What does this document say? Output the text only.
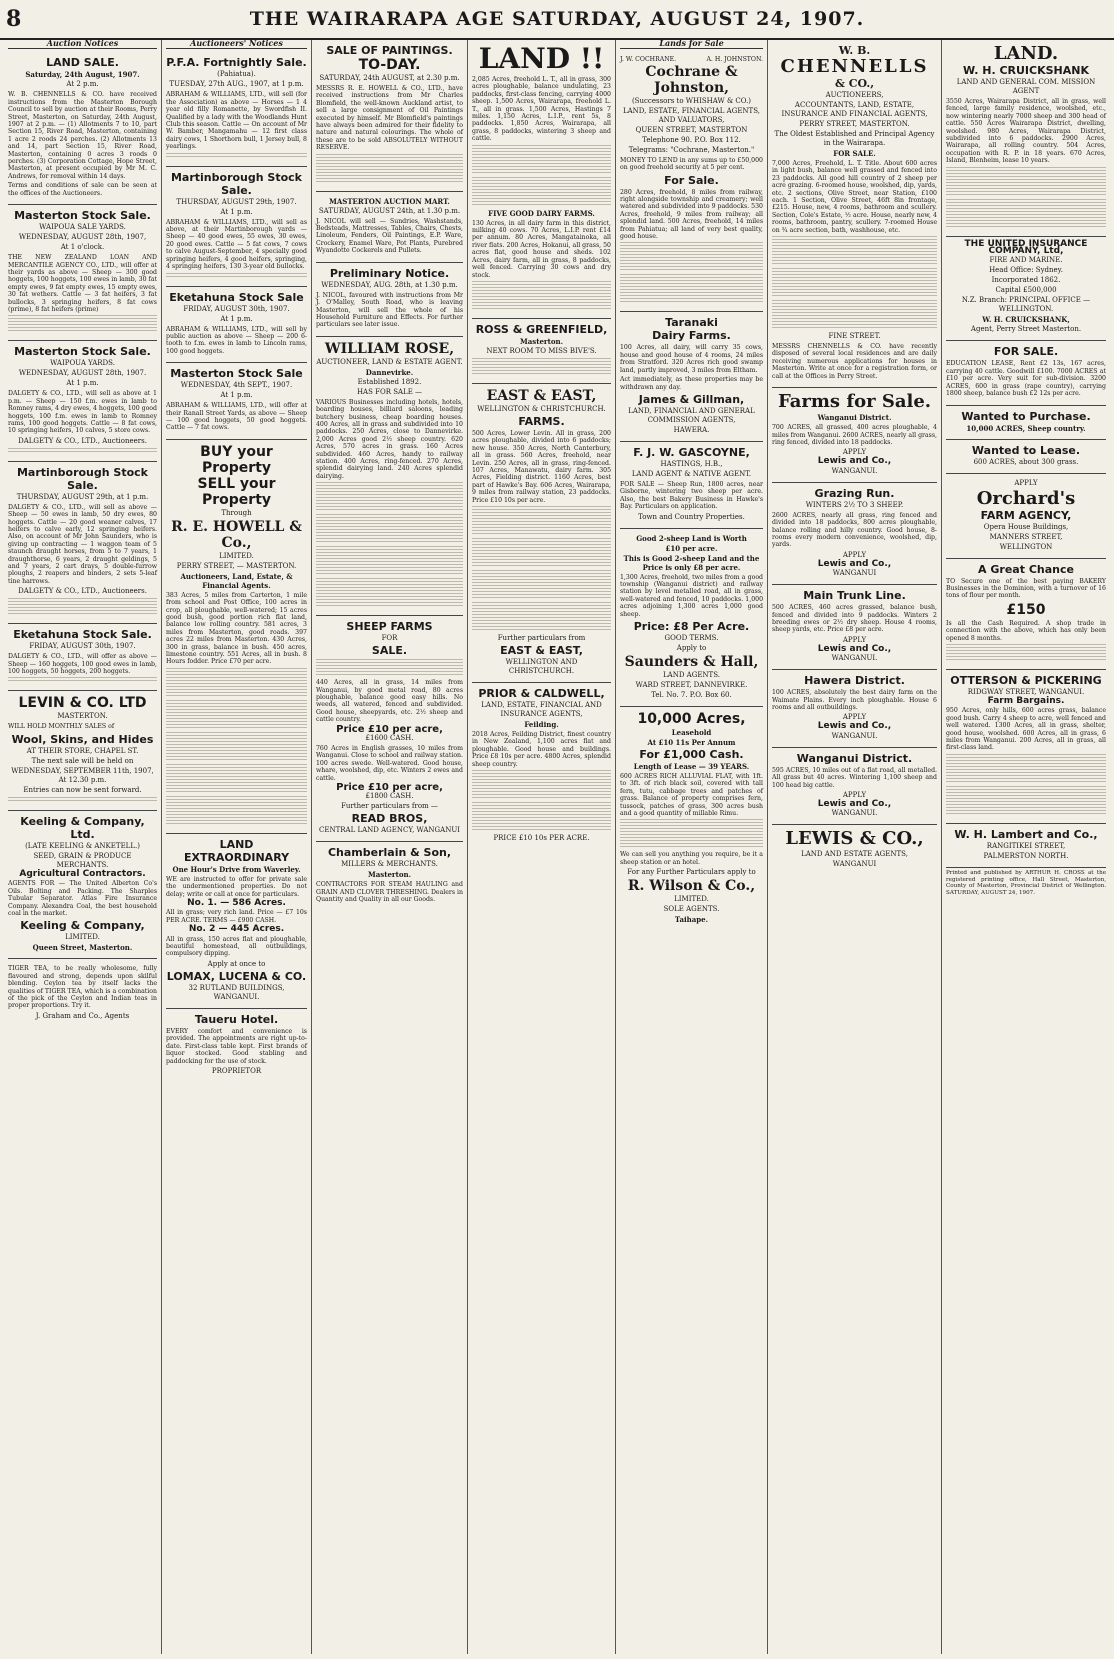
8	THE WAIRARAPA AGE SATURDAY, AUGUST 24, 1907.
Auction Notices
LAND SALE.
Saturday, 24th August, 1907.
At 2 p.m.
W. B. CHENNELLS & CO. have received instructions from the Masterton Borough Council to sell by auction at their Rooms, Perry Street, Masterton, on Saturday, 24th August, 1907 at 2 p.m. — (1) Allotments 7 to 10, part Section 15, River Road, Masterton, containing 1 acre 2 roods 24 perches. (2) Allotments 13 and 14, part Section 15, River Road, Masterton, containing 0 acres 3 roods 0 perches. (3) Corporation Cottage, Hope Street, Masterton, at present occupied by Mr M. C. Andrews, for removal within 14 days.
Terms and conditions of sale can be seen at the offices of the Auctioneers.
Masterton Stock Sale.
WAIPOUA SALE YARDS.
WEDNESDAY, AUGUST 28th, 1907,
At 1 o'clock.
THE NEW ZEALAND LOAN AND MERCANTILE AGENCY CO., LTD., will offer at their yards as above — Sheep — 300 good hoggets, 100 hoggets, 100 ewes in lamb, 30 fat empty ewes, 9 fat empty ewes, 15 empty ewes, 30 fat wethers. Cattle — 3 fat heifers, 3 fat bullocks, 3 springing heifers, 8 fat cows (prime), 8 fat heifers (prime)
Masterton Stock Sale.
WAIPOUA YARDS.
WEDNESDAY, AUGUST 28th, 1907.
At 1 p.m.
DALGETY & CO., LTD., will sell as above at 1 p.m. — Sheep — 150 f.m. ewes in lamb to Romney rams, 4 dry ewes, 4 hoggets, 100 good hoggets, 100 f.m. ewes in lamb to Romney rams, 100 good hoggets. Cattle — 8 fat cows, 10 springing heifers, 10 calves, 5 store cows.
DALGETY & CO., LTD., Auctioneers.
Martinborough Stock Sale.
THURSDAY, AUGUST 29th, at 1 p.m.
DALGETY & CO., LTD., will sell as above — Sheep — 50 ewes in lamb, 50 dry ewes, 80 hoggets. Cattle — 20 good weaner calves, 17 heifers to calve early, 12 springing heifers. Also, on account of Mr John Saunders, who is giving up contracting — 1 waggon team of 5 staunch draught horses, from 5 to 7 years, 1 draughthorse, 6 years, 2 draught geldings, 5 and 7 years, 2 cart drays, 5 double-furrow ploughs, 2 reapers and binders, 2 sets 5-leaf tine harrows.
DALGETY & CO., LTD., Auctioneers.
Eketahuna Stock Sale.
FRIDAY, AUGUST 30th, 1907.
DALGETY & CO., LTD., will offer as above — Sheep — 160 hoggets, 100 good ewes in lamb, 100 hoggets, 50 hoggets, 200 hoggets.
LEVIN & CO. LTD
MASTERTON.
WILL HOLD MONTHLY SALES of
Wool, Skins, and Hides
AT THEIR STORE, CHAPEL ST.
The next sale will be held on
WEDNESDAY, SEPTEMBER 11th, 1907, At 12.30 p.m.
Entries can now be sent forward.
Keeling & Company, Ltd.
(LATE KEELING & ANKETELL.)
SEED, GRAIN & PRODUCE MERCHANTS.
Agricultural Contractors.
AGENTS FOR — The United Alberton Co's Oils. Bolting and Packing. The Sharples Tubular Separator. Atlas Fire Insurance Company. Alexandra Coal, the best household coal in the market.
Keeling & Company,
LIMITED.
Queen Street, Masterton.
TIGER TEA, to be really wholesome, fully flavoured and strong, depends upon skilful blending. Ceylon tea by itself lacks the qualities of TIGER TEA, which is a combination of the pick of the Ceylon and Indian teas in proper proportions. Try it.
J. Graham and Co., Agents
Auctioneers' Notices
P.F.A. Fortnightly Sale.
(Pahiatua).
TUESDAY, 27th AUG., 1907, at 1 p.m.
ABRAHAM & WILLIAMS, LTD., will sell (for the Association) as above — Horses — 1 4 year old filly Romanette, by Swordfish II. Qualified by a lady with the Woodlands Hunt Club this season. Cattle — On account of Mr W. Bamber, Mangamahu — 12 first class dairy cows, 1 Shorthorn bull, 1 Jersey bull, 8 yearlings.
Martinborough Stock Sale.
THURSDAY, AUGUST 29th, 1907.
At 1 p.m.
ABRAHAM & WILLIAMS, LTD., will sell as above, at their Martinborough yards — Sheep — 40 good ewes, 55 ewes, 30 ewes, 20 good ewes. Cattle — 5 fat cows, 7 cows to calve August-September, 4 specially good springing heifers, 4 good heifers, springing, 4 springing heifers, 130 3-year old bullocks.
Eketahuna Stock Sale
FRIDAY, AUGUST 30th, 1907.
At 1 p.m.
ABRAHAM & WILLIAMS, LTD., will sell by public auction as above — Sheep — 200 6-tooth to f.m. ewes in lamb to Lincoln rams, 100 good hoggets.
Masterton Stock Sale
WEDNESDAY, 4th SEPT., 1907.
At 1 p.m.
ABRAHAM & WILLIAMS, LTD., will offer at their Ranall Street Yards, as above — Sheep — 100 good hoggets, 50 good hoggets. Cattle — 7 fat cows.
BUY your Property
SELL your Property
Through
R. E. HOWELL & Co.,
LIMITED.
PERRY STREET, — MASTERTON.
Auctioneers, Land, Estate, & Financial Agents.
383 Acres, 5 miles from Carterton, 1 mile from school and Post Office, 100 acres in crop, all ploughable, well-watered; 15 acres good bush, good portion rich flat land, balance low rolling country. 581 acres, 3 miles from Masterton, good roads. 397 acres 22 miles from Masterton. 430 Acres, 300 in grass, balance in bush. 450 acres, limestone country. 551 Acres, all in bush. 8 Hours fodder. Price £70 per acre.
LAND EXTRAORDINARY
One Hour's Drive from Waverley.
WE are instructed to offer for private sale the undermentioned properties. Do not delay; write or call at once for particulars.
No. 1. — 586 Acres.
All in grass; very rich land. Price — £7 10s PER ACRE. TERMS — £900 CASH.
No. 2 — 445 Acres.
All in grass, 150 acres flat and ploughable, beautiful homestead, all outbuildings, compulsory dipping.
Apply at once to
LOMAX, LUCENA & CO.
32 RUTLAND BUILDINGS, WANGANUI.
Taueru Hotel.
EVERY comfort and convenience is provided. The appointments are right up-to-date. First-class table kept. First brands of liquor stocked. Good stabling and paddocking for the use of stock.
PROPRIETOR
SALE OF PAINTINGS.
TO-DAY.
SATURDAY, 24th AUGUST, at 2.30 p.m.
MESSRS R. E. HOWELL & CO., LTD., have received instructions from Mr Charles Blomfield, the well-known Auckland artist, to sell a large consignment of Oil Paintings executed by himself. Mr Blomfield's paintings have always been admired for their fidelity to nature and natural colourings. The whole of these are to be sold ABSOLUTELY WITHOUT RESERVE.
MASTERTON AUCTION MART.
SATURDAY, AUGUST 24th, at 1.30 p.m.
J. NICOL will sell — Sundries, Washstands, Bedsteads, Mattresses, Tables, Chairs, Chests, Linoleum, Fenders, Oil Paintings, E.P. Ware, Crockery, Enamel Ware, Pot Plants, Purebred Wyandotte Cockerels and Pullets.
Preliminary Notice.
WEDNESDAY, AUG. 28th, at 1.30 p.m.
J. NICOL, favoured with instructions from Mr J. O'Malley, South Road, who is leaving Masterton, will sell the whole of his Household Furniture and Effects. For further particulars see later issue.
WILLIAM ROSE,
AUCTIONEER, LAND & ESTATE AGENT.
Dannevirke.
Established 1892.
HAS FOR SALE —
VARIOUS Businesses including hotels, hotels, boarding houses, billiard saloons, leading butchery business, cheap boarding houses. 400 Acres, all in grass and subdivided into 10 paddocks. 250 Acres, close to Dannevirke. 2,000 Acres good 2½ sheep country. 620 Acres, 570 acres in grass. 160 Acres subdivided. 460 Acres, handy to railway station. 400 Acres, ring-fenced. 270 Acres, splendid dairying land. 240 Acres splendid dairying.
SHEEP FARMS
FOR
SALE.
440 Acres, all in grass, 14 miles from Wanganui, by good metal road, 80 acres ploughable, balance good easy hills. No weeds, all watered, fenced and subdivided. Good house, sheepyards, etc. 2½ sheep and cattle country.
Price £10 per acre,
£1600 CASH.
760 Acres in English grasses, 10 miles from Wanganui. Close to school and railway station. 100 acres swede. Well-watered. Good house, whare, woolshed, dip, etc. Winters 2 ewes and cattle.
Price £10 per acre,
£1800 CASH.
Further particulars from —
READ BROS,
CENTRAL LAND AGENCY, WANGANUI
Chamberlain & Son,
MILLERS & MERCHANTS.
Masterton.
CONTRACTORS FOR STEAM HAULING and GRAIN AND CLOVER THRESHING. Dealers in Quantity and Quality in all our Goods.
LAND !!
2,085 Acres, freehold L. T., all in grass, 300 acres ploughable, balance undulating, 23 paddocks, first-class fencing, carrying 4000 sheep. 1,500 Acres, Wairarapa, freehold L. T., all in grass. 1,500 Acres, Hastings 7 miles. 1,150 Acres, L.I.P., rent 5s, 8 paddocks. 1,850 Acres, Wairarapa, all grass, 8 paddocks, wintering 3 sheep and cattle.
FIVE GOOD DAIRY FARMS.
130 Acres, in all dairy farm in this district, milking 40 cows. 70 Acres, L.I.P. rent £14 per annum. 80 Acres, Mangatainoka, all river flats. 200 Acres, Hokanui, all grass, 50 acres flat, good house and sheds. 102 Acres, dairy farm, all in grass, 8 paddocks, well fenced. Carrying 30 cows and dry stock.
ROSS & GREENFIELD,
Masterton.
NEXT ROOM TO MISS BIVE'S.
EAST & EAST,
WELLINGTON & CHRISTCHURCH.
FARMS.
500 Acres, Lower Levin. All in grass, 200 acres ploughable, divided into 6 paddocks; new house. 350 Acres, North Canterbury, all in grass. 560 Acres, freehold, near Levin. 250 Acres, all in grass, ring-fenced. 107 Acres, Manawatu, dairy farm. 305 Acres, Fielding district. 1160 Acres, best part of Hawke's Bay. 606 Acres, Wairarapa, 9 miles from railway station, 23 paddocks. Price £10 10s per acre.
Further particulars from
EAST & EAST,
WELLINGTON AND CHRISTCHURCH.
PRIOR & CALDWELL,
LAND, ESTATE, FINANCIAL AND INSURANCE AGENTS,
Feilding.
2018 Acres, Feilding District, finest country in New Zealand, 1,100 acres flat and ploughable. Good house and buildings. Price £8 10s per acre. 4800 Acres, splendid sheep country.
PRICE £10 10s PER ACRE.
Lands for Sale
J. W. COCHRANE.	A. H. JOHNSTON.
Cochrane & Johnston,
(Successors to WHISHAW & CO.)
LAND, ESTATE, FINANCIAL AGENTS, AND VALUATORS,
QUEEN STREET, MASTERTON
Telephone 90. P.O. Box 112.
Telegrams: "Cochrane, Masterton."
MONEY TO LEND in any sums up to £50,000 on good freehold security at 5 per cent.
For Sale.
280 Acres, freehold, 8 miles from railway, right alongside township and creamery; well watered and subdivided into 9 paddocks. 530 Acres, freehold, 9 miles from railway; all splendid land. 500 Acres, freehold, 14 miles from Pahiatua; all land of very best quality, good house.
Taranaki
Dairy Farms.
100 Acres, all dairy, will carry 35 cows, house and good house of 4 rooms, 24 miles from Stratford. 320 Acres rich good swamp land, partly improved, 3 miles from Eltham.
Act immediately, as these properties may be withdrawn any day.
James & Gillman,
LAND, FINANCIAL AND GENERAL COMMISSION AGENTS,
HAWERA.
F. J. W. GASCOYNE,
HASTINGS, H.B.,
LAND AGENT & NATIVE AGENT.
FOR SALE — Sheep Run, 1800 acres, near Gisborne, wintering two sheep per acre. Also, the best Bakery Business in Hawke's Bay. Particulars on application.
Town and Country Properties.
Good 2-sheep Land is Worth
£10 per acre.
This is Good 2-sheep Land and the Price is only £8 per acre.
1,300 Acres, freehold, two miles from a good township (Wanganui district) and railway station by level metalled road, all in grass, well-watered and fenced, 10 paddocks. 1,000 acres adjoining 1,300 acres 1,000 good sheep.
Price: £8 Per Acre.
GOOD TERMS.
Apply to
Saunders & Hall,
LAND AGENTS.
WARD STREET, DANNEVIRKE.
Tel. No. 7. P.O. Box 60.
10,000 Acres,
Leasehold
At £10 11s Per Annum
For £1,000 Cash.
Length of Lease — 39 YEARS.
600 ACRES RICH ALLUVIAL FLAT, with 1ft. to 3ft. of rich black soil, covered with tall fern, tutu, cabbage trees and patches of grass. Balance of property comprises fern, tussock, patches of grass, 300 acres bush and a good quantity of millable Rimu.
We can sell you anything you require, be it a sheep station or an hotel.
For any Further Particulars apply to
R. Wilson & Co.,
LIMITED.
SOLE AGENTS.
Taihape.
W. B.
CHENNELLS
& CO.,
AUCTIONEERS,
ACCOUNTANTS, LAND, ESTATE, INSURANCE AND FINANCIAL AGENTS,
PERRY STREET, MASTERTON.
The Oldest Established and Principal Agency in the Wairarapa.
FOR SALE.
7,000 Acres, Freehold, L. T. Title. About 600 acres in light bush, balance well grassed and fenced into 23 paddocks. All good hill country of 2 sheep per acre grazing. 6-roomed house, woolshed, dip, yards, etc. 2 sections, Olive Street, near Station, £100 each. 1 Section, Olive Street, 46ft 8in frontage, £215. House, new, 4 rooms, bathroom and scullery. Section, Cole's Estate, ½ acre. House, nearly new, 4 rooms, bathroom, pantry, scullery. 7-roomed House on ¾ acre section, bath, washhouse, etc.
FINE STREET.
MESSRS CHENNELLS & CO. have recently disposed of several local residences and are daily receiving numerous applications for houses in Masterton. Write at once for a registration form, or call at the Offices in Perry Street.
Farms for Sale.
Wanganui District.
700 ACRES, all grassed, 400 acres ploughable, 4 miles from Wanganui. 2600 ACRES, nearly all grass, ring fenced, divided into 18 paddocks.
APPLY
Lewis and Co.,
WANGANUI.
Grazing Run.
WINTERS 2½ TO 3 SHEEP.
2600 ACRES, nearly all grass, ring fenced and divided into 18 paddocks, 800 acres ploughable, balance rolling and hilly country. Good house, 8-rooms every modern convenience, woolshed, dip, yards.
APPLY
Lewis and Co.,
WANGANUI
Main Trunk Line.
500 ACRES, 460 acres grassed, balance bush, fenced and divided into 9 paddocks. Winters 2 breeding ewes or 2½ dry sheep. House 4 rooms, sheep yards, etc. Price £8 per acre.
APPLY
Lewis and Co.,
WANGANUI.
Hawera District.
100 ACRES, absolutely the best dairy farm on the Waimate Plains. Every inch ploughable. House 6 rooms and all outbuildings.
APPLY
Lewis and Co.,
WANGANUI.
Wanganui District.
595 ACRES, 10 miles out of a flat road, all metalled. All grass but 40 acres. Wintering 1,100 sheep and 100 head big cattle.
APPLY
Lewis and Co.,
WANGANUI.
LEWIS & CO.,
LAND AND ESTATE AGENTS,
WANGANUI
LAND.
W. H. CRUICKSHANK
LAND AND GENERAL COM. MISSION AGENT
3550 Acres, Wairarapa District, all in grass, well fenced, large family residence, woolshed, etc., now wintering nearly 7000 sheep and 300 head of cattle. 550 Acres Wairarapa District, dwelling, woolshed. 980 Acres, Wairarapa District, subdivided into 6 paddocks. 2900 Acres, Wairarapa, all rolling country. 504 Acres, occupation with R. P. in 18 years. 670 Acres, Island, Blenheim, lease 10 years.
THE UNITED INSURANCE COMPANY, Ltd,
FIRE AND MARINE.
Head Office: Sydney.
Incorporated 1862.
Capital £500,000
N.Z. Branch: PRINCIPAL OFFICE — WELLINGTON.
W. H. CRUICKSHANK,
Agent, Perry Street Masterton.
FOR SALE.
EDUCATION LEASE, Rent £2 13s, 167 acres, carrying 40 cattle. Goodwill £100. 7000 ACRES at £10 per acre. Very suit for sub-division. 3200 ACRES, 600 in grass (rape country), carrying 1800 sheep, balance bush £2 12s per acre.
Wanted to Purchase.
10,000 ACRES, Sheep country.
Wanted to Lease.
600 ACRES, about 300 grass.
APPLY
Orchard's
FARM AGENCY,
Opera House Buildings,
MANNERS STREET,
WELLINGTON
A Great Chance
TO Secure one of the best paying BAKERY Businesses in the Dominion, with a turnover of 16 tons of flour per month.
£150
Is all the Cash Required. A shop trade in connection with the above, which has only been opened 8 months.
OTTERSON & PICKERING
RIDGWAY STREET, WANGANUI.
Farm Bargains.
950 Acres, only hills, 600 acres grass, balance good bush. Carry 4 sheep to acre, well fenced and well watered. 1300 Acres, all in grass, shelter, good house, woolshed. 600 Acres, all in grass, 6 miles from Wanganui. 200 Acres, all in grass, all first-class land.
W. H. Lambert and Co.,
RANGITIKEI STREET,
PALMERSTON NORTH.
Printed and published by ARTHUR H. CROSS at the registered printing office, Hall Street, Masterton, County of Masterton, Provincial District of Wellington. SATURDAY, AUGUST 24, 1907.
